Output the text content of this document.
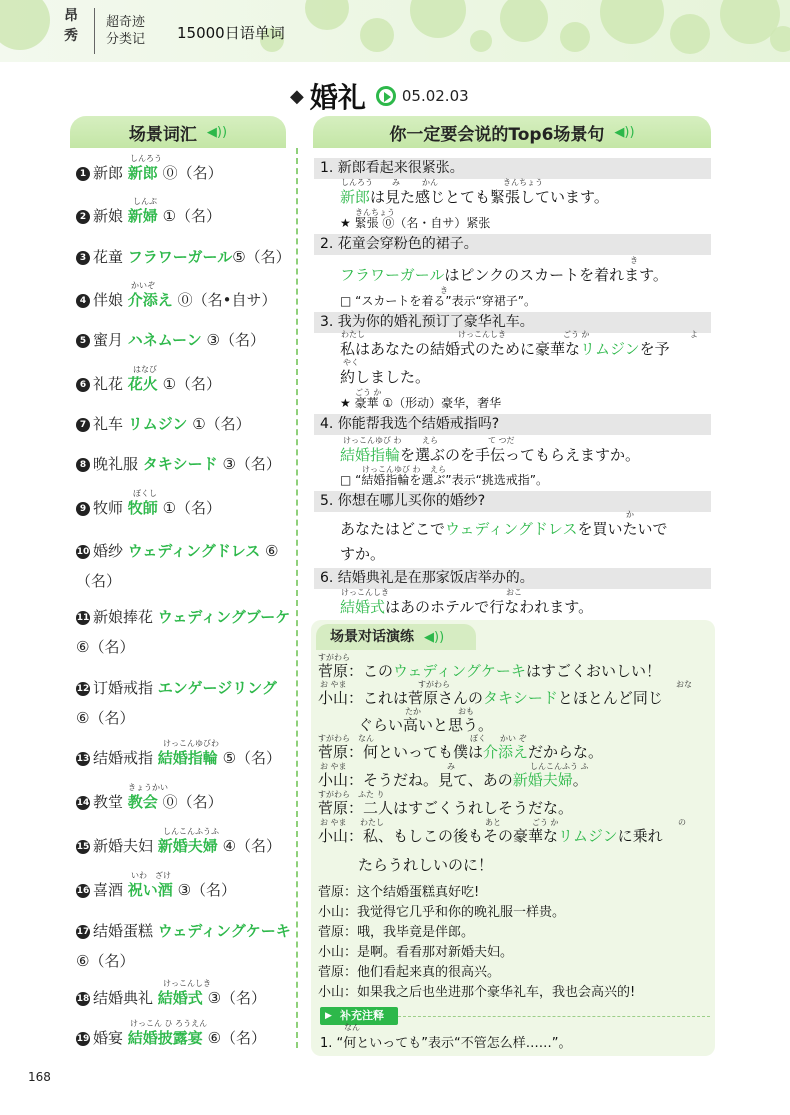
昂
秀
超奇迹
分类记 15000日语单词
◆ 婚礼 05.02.03
场景词汇 ◀))	你一定要会说的Top6场景句 ◀))
1 新郎 新郎 ⓪（名）
2 新娘 新婦 ①（名）
3 花童 フラワーガール⑤（名）
4 伴娘 介添え ⓪（名•自サ）
5 蜜月 ハネムーン ③（名）
6 礼花 花火 ①（名）
7 礼车 リムジン ①（名）
8 晚礼服 タキシード ③（名）
9 牧师 牧師 ①（名）
10 婚纱 ウェディングドレス ⑥（名）
11 新娘捧花 ウェディングブーケ ⑥（名）
12 订婚戒指 エンゲージリング ⑥（名）
13 结婚戒指 結婚指輪 ⑤（名）
14 教堂 教会 ⓪（名）
15 新婚夫妇 新婚夫婦 ④（名）
16 喜酒 祝い酒 ③（名）
17 结婚蛋糕 ウェディングケーキ ⑥（名）
18 结婚典礼 結婚式 ③（名）
19 婚宴 結婚披露宴 ⑥（名）
しんろう
しんぷ
かいぞ
はなび
ぼくし
けっこんゆびわ
きょうかい
しんこんふうふ
いわ　ざけ
けっこんしき
けっこん ひ ろうえん
1. 新郎看起来很紧张。
新郎は見た感じとても緊張しています。
★ 緊張 ⓪（名・自サ）紧张
2. 花童会穿粉色的裙子。
フラワーガールはピンクのスカートを着れます。
□ “スカートを着る”表示“穿裙子”。
3. 我为你的婚礼预订了豪华礼车。
私はあなたの結婚式のために豪華なリムジンを予
約しました。
★ 豪華 ①（形动）豪华，奢华
4. 你能帮我选个结婚戒指吗?
結婚指輪を選ぶのを手伝ってもらえますか。
□ “結婚指輪を選ぶ”表示“挑选戒指”。
5. 你想在哪儿买你的婚纱?
あなたはどこでウェディングドレスを買いたいで
すか。
6. 结婚典礼是在那家饭店举办的。
結婚式はあのホテルで行なわれます。
しんろう み	かん	きんちょう
きんちょう
き
き
わたし	けっこんしき	ごう か	よ
やく
ごう か
けっこんゆび わ	えら	て つだ
けっこんゆび わ えら
か
けっこんしき	おこ
场景对话演练 ◀))
菅原：このウェディングケーキはすごくおいしい！
小山：これは菅原さんのタキシードとほとんど同じ
ぐらい高いと思う。
菅原：何といっても僕は介添えだからな。
小山：そうだね。見て、あの新婚夫婦。
菅原：二人はすごくうれしそうだな。
小山：私、もしこの後もその豪華なリムジンに乗れ
たらうれしいのに！
すがわら
お やま	すがわら	おな
たか	おも
すがわら なん	ぼく かい ぞ
お やま	み	しんこんふう ふ
すがわら ふた り
お やま わたし	あと	ごう か	の
菅原：这个结婚蛋糕真好吃!
小山：我觉得它几乎和你的晚礼服一样贵。
菅原：哦，我毕竟是伴郎。
小山：是啊。看看那对新婚夫妇。
菅原：他们看起来真的很高兴。
小山：如果我之后也坐进那个豪华礼车，我也会高兴的!
▶ 补充注释
なん
1. “何といっても”表示“不管怎么样……”。
168
